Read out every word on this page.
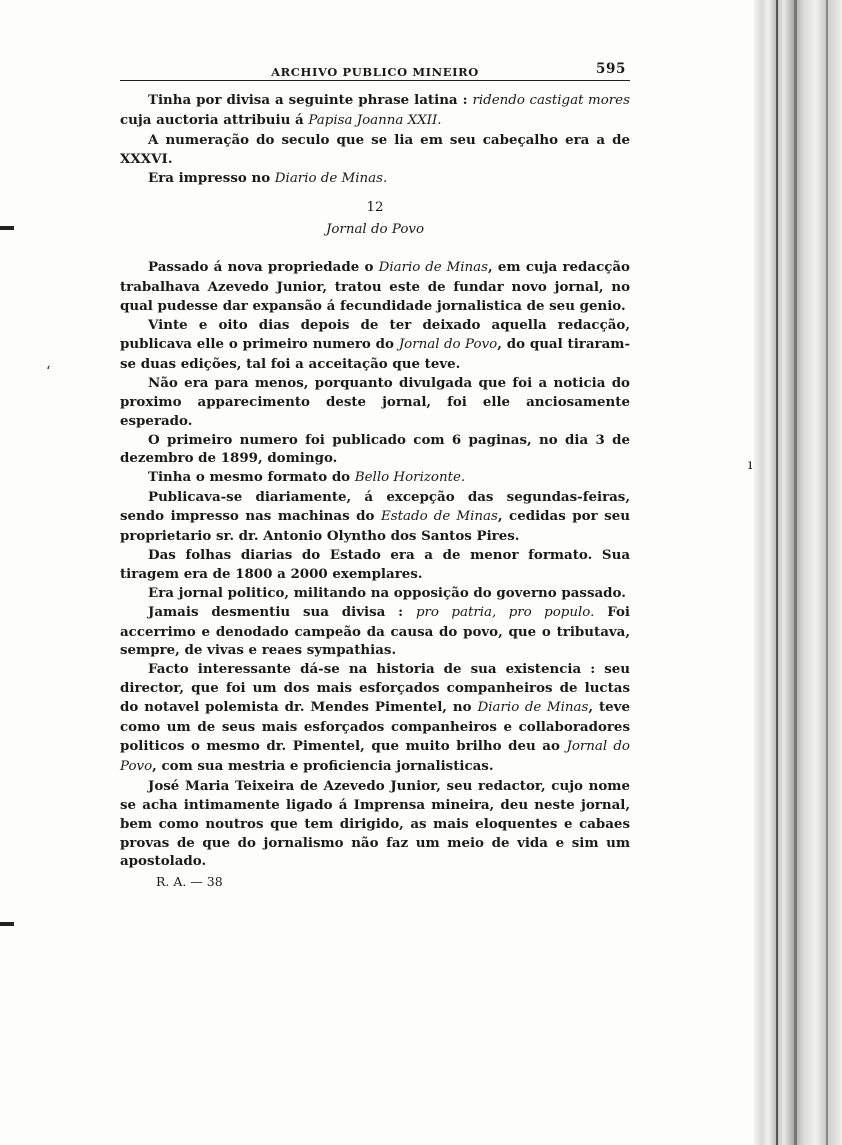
ʻ
ı
ARCHIVO PUBLICO MINEIRO	595

Tinha por divisa a seguinte phrase latina : ridendo castigat mores cuja auctoria attribuiu á Papisa Joanna XXII.

A numeração do seculo que se lia em seu cabeçalho era a de XXXVI.

Era impresso no Diario de Minas.

12
Jornal do Povo

Passado á nova propriedade o Diario de Minas, em cuja redacção trabalhava Azevedo Junior, tratou este de fundar novo jornal, no qual pudesse dar expansão á fecundidade jornalistica de seu genio.

Vinte e oito dias depois de ter deixado aquella redacção, publicava elle o primeiro numero do Jornal do Povo, do qual tiraram-se duas edições, tal foi a acceitação que teve.

Não era para menos, porquanto divulgada que foi a noticia do proximo apparecimento deste jornal, foi elle anciosamente esperado.

O primeiro numero foi publicado com 6 paginas, no dia 3 de dezembro de 1899, domingo.

Tinha o mesmo formato do Bello Horizonte.

Publicava-se diariamente, á excepção das segundas-feiras, sendo impresso nas machinas do Estado de Minas, cedidas por seu proprietario sr. dr. Antonio Olyntho dos Santos Pires.

Das folhas diarias do Estado era a de menor formato. Sua tiragem era de 1800 a 2000 exemplares.

Era jornal politico, militando na opposição do governo passado.

Jamais desmentiu sua divisa : pro patria, pro populo. Foi accerrimo e denodado campeão da causa do povo, que o tributava, sempre, de vivas e reaes sympathias.

Facto interessante dá-se na historia de sua existencia : seu director, que foi um dos mais esforçados companheiros de luctas do notavel polemista dr. Mendes Pimentel, no Diario de Minas, teve como um de seus mais esforçados companheiros e collaboradores politicos o mesmo dr. Pimentel, que muito brilho deu ao Jornal do Povo, com sua mestria e proficiencia jornalisticas.

José Maria Teixeira de Azevedo Junior, seu redactor, cujo nome se acha intimamente ligado á Imprensa mineira, deu neste jornal, bem como noutros que tem dirigido, as mais eloquentes e cabaes provas de que do jornalismo não faz um meio de vida e sim um apostolado.

R. A. — 38
